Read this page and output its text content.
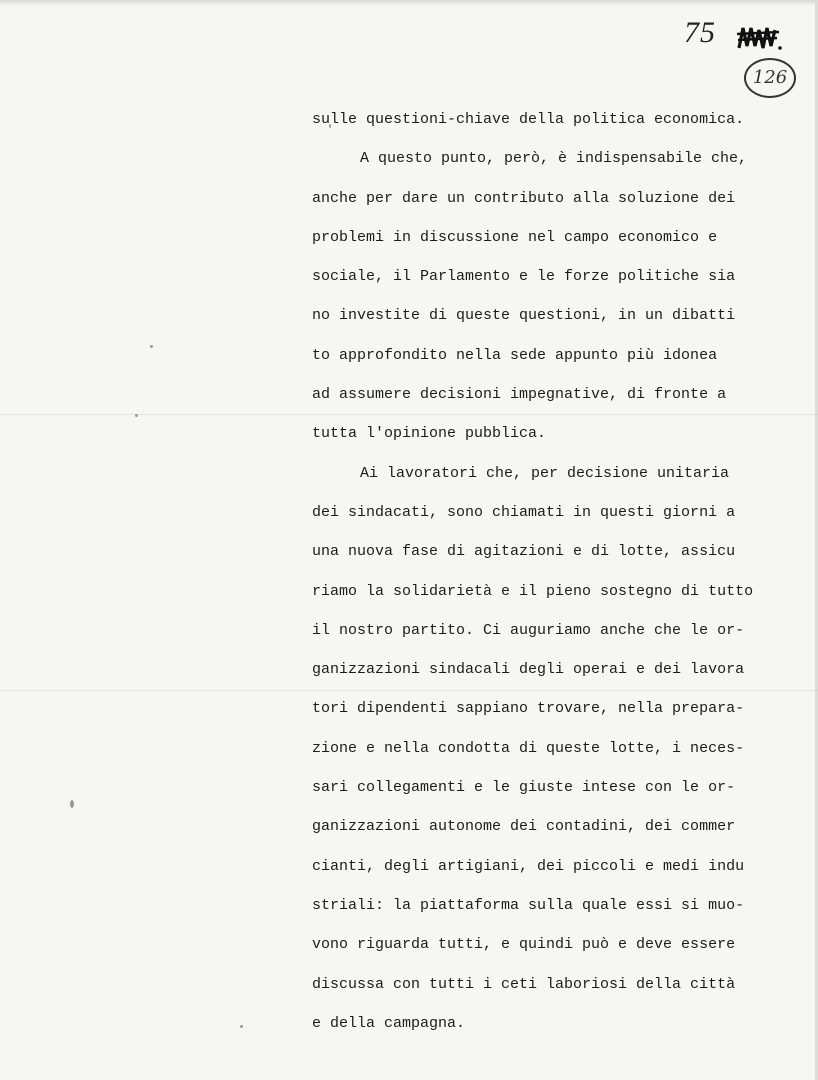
75
126
sulle questioni-chiave della politica economica.
A questo punto, però, è indispensabile che,
anche per dare un contributo alla soluzione dei
problemi in discussione nel campo economico e
sociale, il Parlamento e le forze politiche sia
no investite di queste questioni, in un dibatti
to approfondito nella sede appunto più idonea
ad assumere decisioni impegnative, di fronte a
tutta l'opinione pubblica.
Ai lavoratori che, per decisione unitaria
dei sindacati, sono chiamati in questi giorni a
una nuova fase di agitazioni e di lotte, assicu
riamo la solidarietà e il pieno sostegno di tutto
il nostro partito. Ci auguriamo anche che le or-
ganizzazioni sindacali degli operai e dei lavora
tori dipendenti sappiano trovare, nella prepara-
zione e nella condotta di queste lotte, i neces-
sari collegamenti e le giuste intese con le or-
ganizzazioni autonome dei contadini, dei commer
cianti, degli artigiani, dei piccoli e medi indu
striali: la piattaforma sulla quale essi si muo-
vono riguarda tutti, e quindi può e deve essere
discussa con tutti i ceti laboriosi della città
e della campagna.
